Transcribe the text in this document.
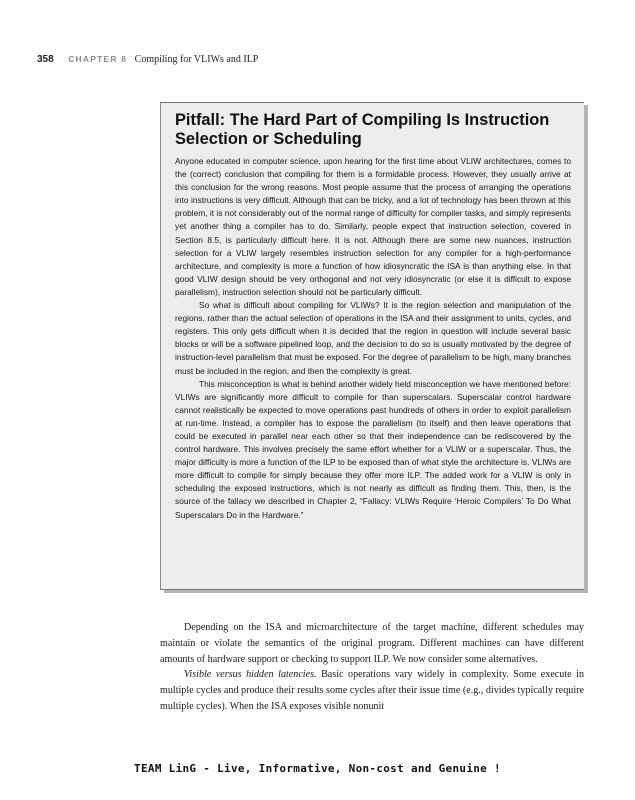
358 CHAPTER 8 Compiling for VLIWs and ILP
Pitfall: The Hard Part of Compiling Is Instruction Selection or Scheduling

Anyone educated in computer science, upon hearing for the first time about VLIW architectures, comes to the (correct) conclusion that compiling for them is a formidable process. However, they usually arrive at this conclusion for the wrong reasons. Most people assume that the process of arranging the operations into instructions is very difficult. Although that can be tricky, and a lot of technology has been thrown at this problem, it is not considerably out of the normal range of difficulty for compiler tasks, and simply represents yet another thing a compiler has to do. Similarly, people expect that instruction selection, covered in Section 8.5, is particularly difficult here. It is not. Although there are some new nuances, instruction selection for a VLIW largely resembles instruction selection for any compiler for a high-performance architecture, and complexity is more a function of how idiosyncratic the ISA is than anything else. In that good VLIW design should be very orthogonal and not very idiosyncratic (or else it is difficult to expose parallelism), instruction selection should not be particularly difficult.

So what is difficult about compiling for VLIWs? It is the region selection and manipulation of the regions, rather than the actual selection of operations in the ISA and their assignment to units, cycles, and registers. This only gets difficult when it is decided that the region in question will include several basic blocks or will be a software pipelined loop, and the decision to do so is usually motivated by the degree of instruction-level parallelism that must be exposed. For the degree of parallelism to be high, many branches must be included in the region, and then the complexity is great.

This misconception is what is behind another widely held misconception we have mentioned before: VLIWs are significantly more difficult to compile for than superscalars. Superscalar control hardware cannot realistically be expected to move operations past hundreds of others in order to exploit parallelism at run-time. Instead, a compiler has to expose the parallelism (to itself) and then leave operations that could be executed in parallel near each other so that their independence can be rediscovered by the control hardware. This involves precisely the same effort whether for a VLIW or a superscalar. Thus, the major difficulty is more a function of the ILP to be exposed than of what style the architecture is. VLIWs are more difficult to compile for simply because they offer more ILP. The added work for a VLIW is only in scheduling the exposed instructions, which is not nearly as difficult as finding them. This, then, is the source of the fallacy we described in Chapter 2, “Fallacy: VLIWs Require ‘Heroic Compilers’ To Do What Superscalars Do in the Hardware.”

Depending on the ISA and microarchitecture of the target machine, different schedules may maintain or violate the semantics of the original program. Different machines can have different amounts of hardware support or checking to support ILP. We now consider some alternatives.

Visible versus hidden latencies. Basic operations vary widely in complexity. Some execute in multiple cycles and produce their results some cycles after their issue time (e.g., divides typically require multiple cycles). When the ISA exposes visible nonunit

TEAM LinG - Live, Informative, Non-cost and Genuine !
